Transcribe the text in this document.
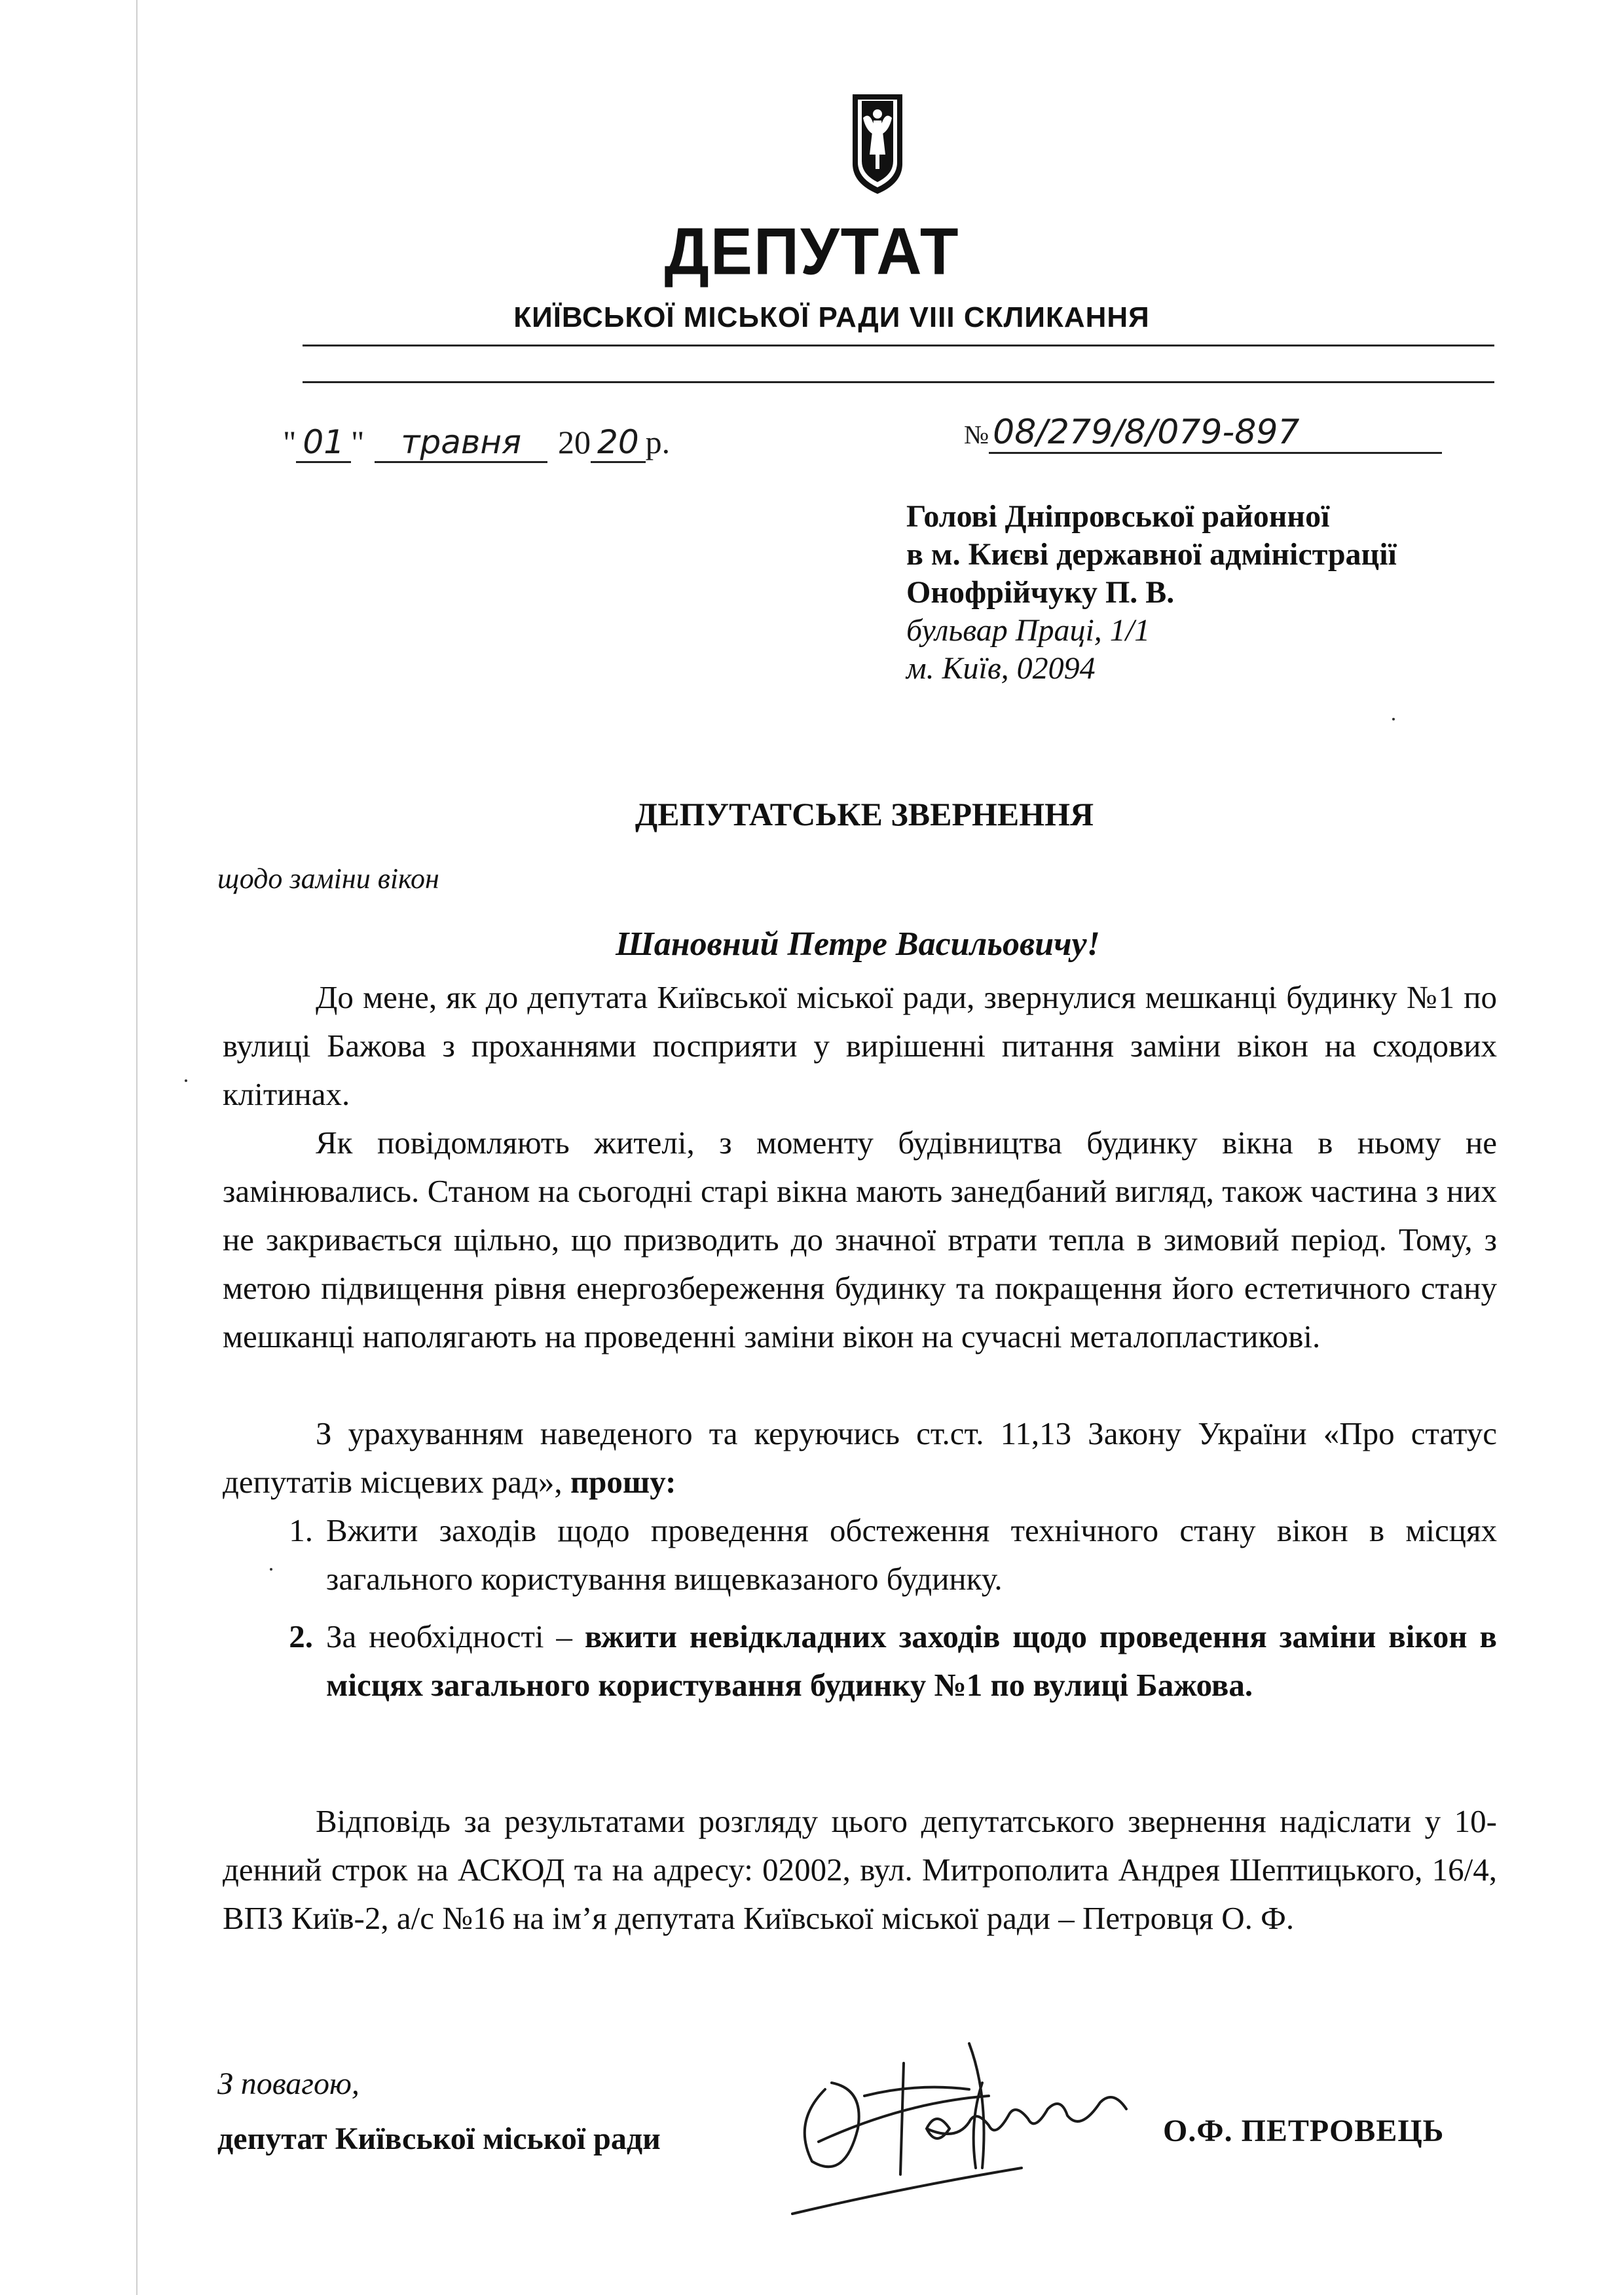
ДЕПУТАТ
КИЇВСЬКОЇ МІСЬКОЇ РАДИ VIII СКЛИКАННЯ
" 01 " травня 20 20 р.	№ 08/279/8/079-897
Голові Дніпровської районної
в м. Києві державної адміністрації
Онофрійчуку П. В.
бульвар Праці, 1/1
м. Київ, 02094
ДЕПУТАТСЬКЕ ЗВЕРНЕННЯ
щодо заміни вікон
Шановний Петре Васильовичу!

До мене, як до депутата Київської міської ради, звернулися мешканці будинку №1 по вулиці Бажова з проханнями посприяти у вирішенні питання заміни вікон на сходових клітинах.

Як повідомляють жителі, з моменту будівництва будинку вікна в ньому не замінювались. Станом на сьогодні старі вікна мають занедбаний вигляд, також частина з них не закривається щільно, що призводить до значної втрати тепла в зимовий період. Тому, з метою підвищення рівня енергозбереження будинку та покращення його естетичного стану мешканці наполягають на проведенні заміни вікон на сучасні металопластикові.

З урахуванням наведеного та керуючись ст.ст. 11,13 Закону України «Про статус депутатів місцевих рад», прошу:

1. Вжити заходів щодо проведення обстеження технічного стану вікон в місцях загального користування вищевказаного будинку.
2. За необхідності – вжити невідкладних заходів щодо проведення заміни вікон в місцях загального користування будинку №1 по вулиці Бажова.

Відповідь за результатами розгляду цього депутатського звернення надіслати у 10-денний строк на АСКОД та на адресу: 02002, вул. Митрополита Андрея Шептицького, 16/4, ВПЗ Київ-2, а/с №16 на ім’я депутата Київської міської ради – Петровця О. Ф.

З повагою,
депутат Київської міської ради	О.Ф. ПЕТРОВЕЦЬ
